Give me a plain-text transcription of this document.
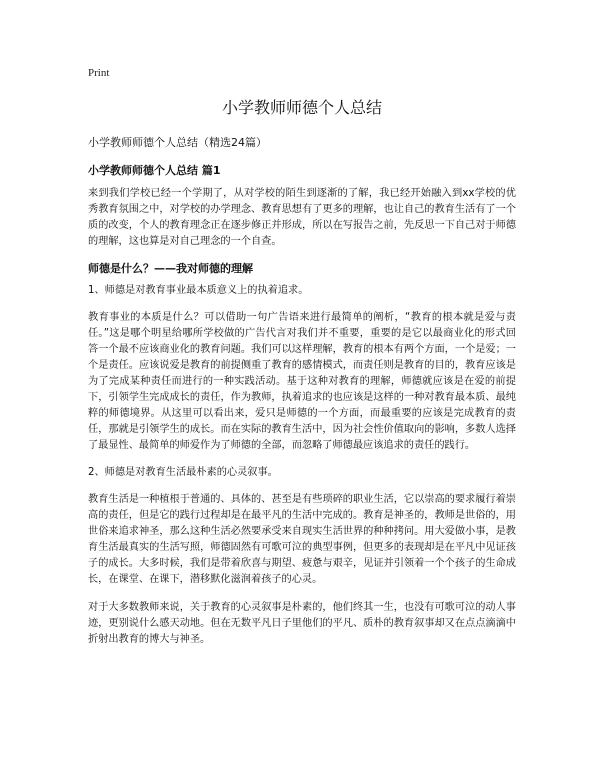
Print
小学教师师德个人总结

小学教师师德个人总结（精选24篇）

小学教师师德个人总结 篇1

来到我们学校已经一个学期了，从对学校的陌生到逐渐的了解，我已经开始融入到xx学校的优秀教育氛围之中，对学校的办学理念、教育思想有了更多的理解，也让自己的教育生活有了一个质的改变，个人的教育理念正在逐步修正并形成，所以在写报告之前，先反思一下自己对于师德的理解，这也算是对自己理念的一个自查。

师德是什么？——我对师德的理解

1、师德是对教育事业最本质意义上的执着追求。

教育事业的本质是什么？可以借助一句广告语来进行最简单的阐析，“教育的根本就是爱与责任。”这是哪个明星给哪所学校做的广告代言对我们并不重要，重要的是它以最商业化的形式回答一个最不应该商业化的教育问题。我们可以这样理解，教育的根本有两个方面，一个是爱；一个是责任。应该说爱是教育的前提侧重了教育的感情模式，而责任则是教育的目的，教育应该是为了完成某种责任而进行的一种实践活动。基于这种对教育的理解，师德就应该是在爱的前提下，引领学生完成成长的责任，作为教师，执着追求的也应该是这样的一种对教育最本质、最纯粹的师德境界。从这里可以看出来，爱只是师德的一个方面，而最重要的应该是完成教育的责任，那就是引领学生的成长。而在实际的教育生活中，因为社会性价值取向的影响，多数人选择了最显性、最简单的师爱作为了师德的全部，而忽略了师德最应该追求的责任的践行。

2、师德是对教育生活最朴素的心灵叙事。

教育生活是一种植根于普通的、具体的、甚至是有些琐碎的职业生活，它以崇高的要求履行着崇高的责任，但是它的践行过程却是在最平凡的生活中完成的。教育是神圣的，教师是世俗的，用世俗来追求神圣，那么这种生活必然要承受来自现实生活世界的种种拷问。用大爱做小事，是教育生活最真实的生活写照，师德固然有可歌可泣的典型事例，但更多的表现却是在平凡中见证孩子的成长。大多时候，我们是带着欣喜与期望、疲惫与艰辛，见证并引领着一个个孩子的生命成长，在课堂、在课下，潜移默化滋润着孩子的心灵。

对于大多数教师来说，关于教育的心灵叙事是朴素的，他们终其一生，也没有可歌可泣的动人事迹，更别说什么感天动地。但在无数平凡日子里他们的平凡、质朴的教育叙事却又在点点滴滴中折射出教育的博大与神圣。
